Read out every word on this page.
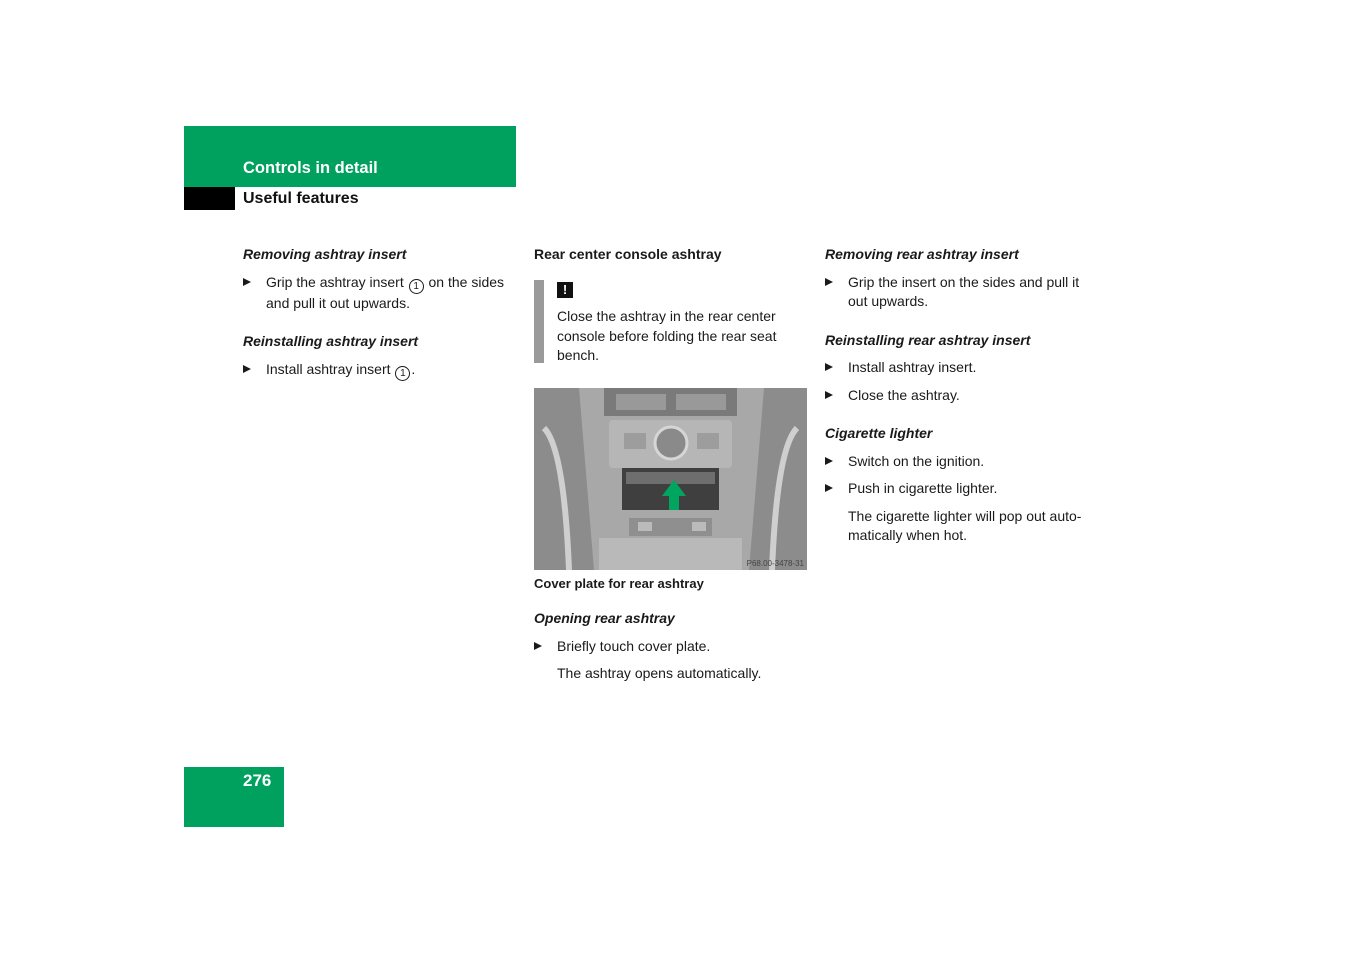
Controls in detail
Useful features

Removing ashtray insert

Grip the ashtray insert 1 on the sides and pull it out upwards.

Reinstalling ashtray insert

Install ashtray insert 1 .

Rear center console ashtray

!

Close the ashtray in the rear center console before folding the rear seat bench.

P68.00-3478-31
Cover plate for rear ashtray

Opening rear ashtray

Briefly touch cover plate.

The ashtray opens automatically.

Removing rear ashtray insert

Grip the insert on the sides and pull it out upwards.

Reinstalling rear ashtray insert

Install ashtray insert.

Close the ashtray.

Cigarette lighter

Switch on the ignition.

Push in cigarette lighter.

The cigarette lighter will pop out auto-matically when hot.

276
